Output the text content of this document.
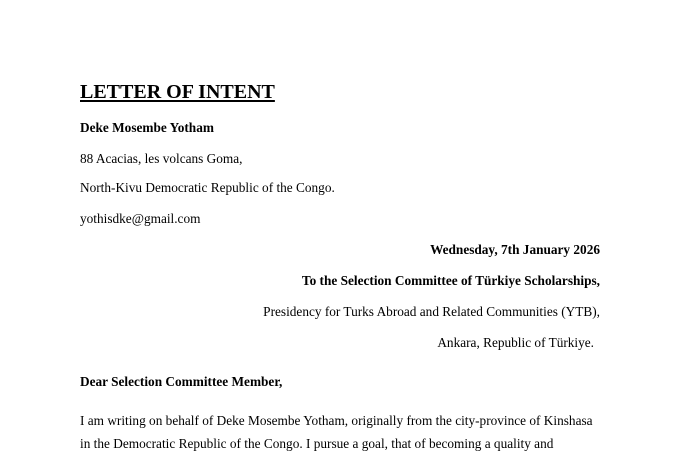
LETTER OF INTENT
Deke Mosembe Yotham
88 Acacias, les volcans Goma,
North-Kivu Democratic Republic of the Congo.
yothisdke@gmail.com
Wednesday, 7th January 2026
To the Selection Committee of Türkiye Scholarships,
Presidency for Turks Abroad and Related Communities (YTB),
Ankara, Republic of Türkiye.
Dear Selection Committee Member,
I am writing on behalf of Deke Mosembe Yotham, originally from the city-province of Kinshasa
in the Democratic Republic of the Congo. I pursue a goal, that of becoming a quality and
